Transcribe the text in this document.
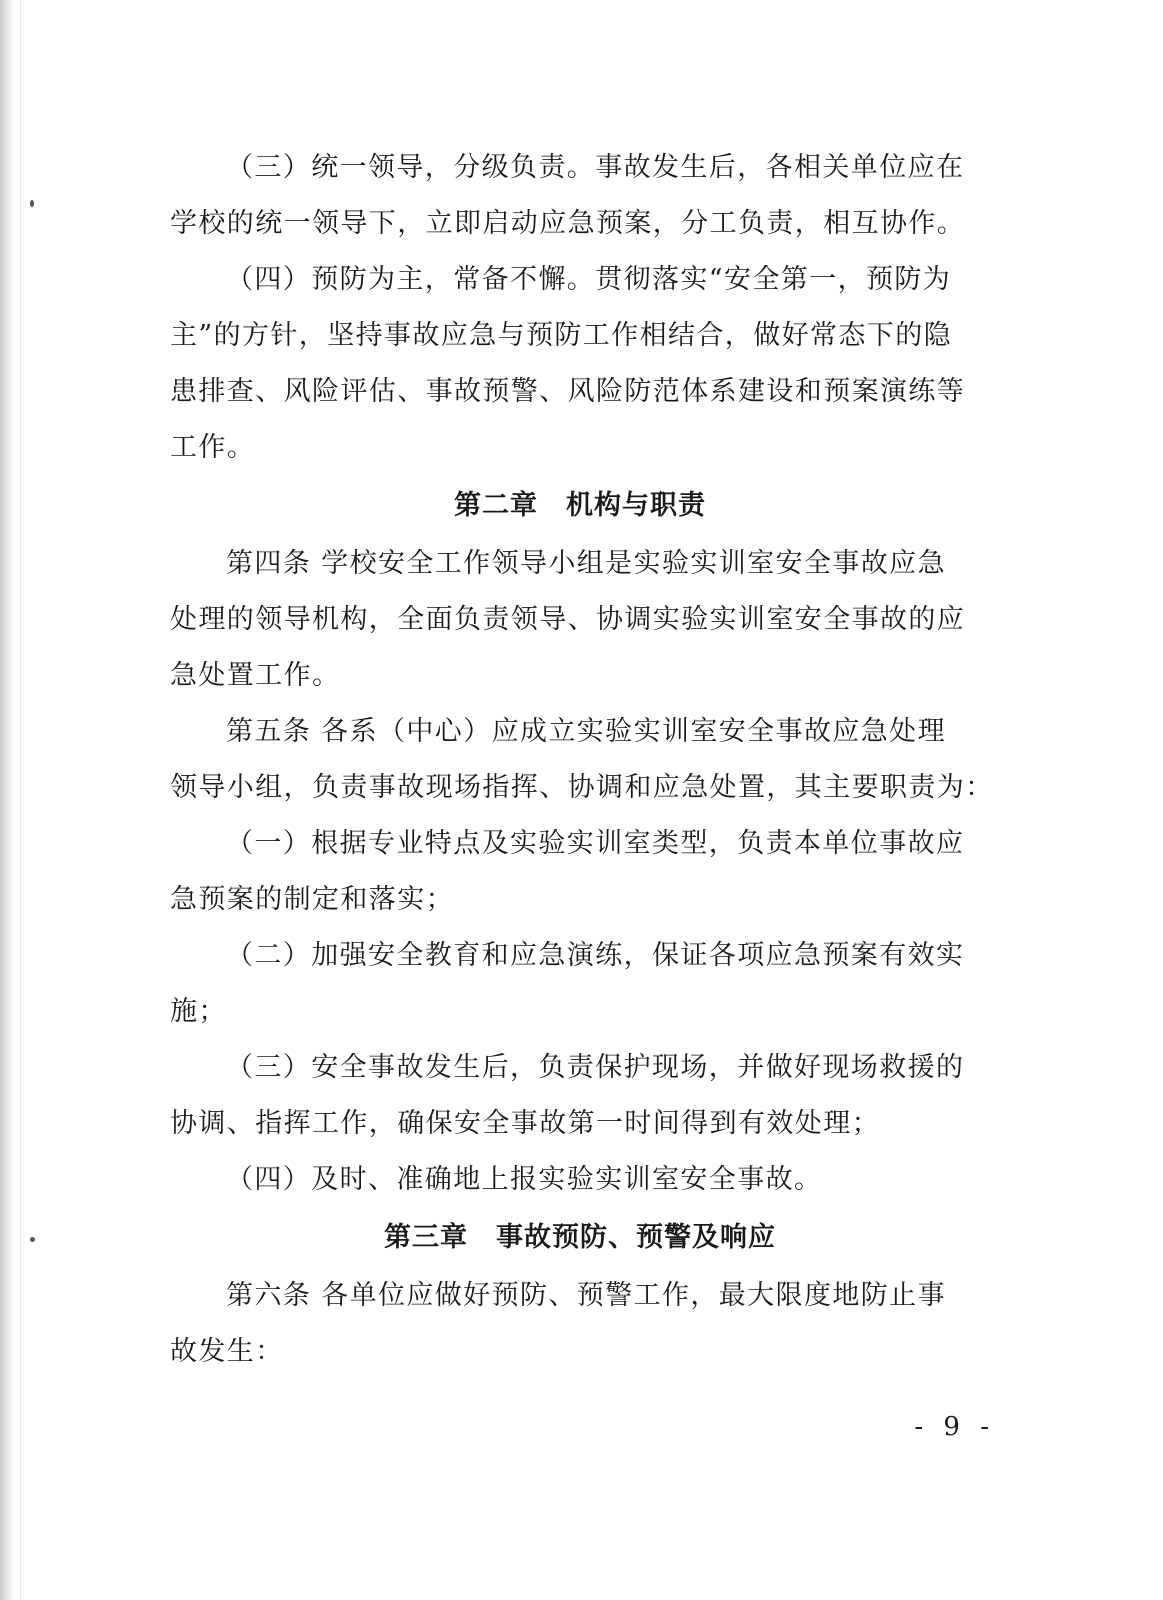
（三）统一领导，分级负责。事故发生后，各相关单位应在
学校的统一领导下，立即启动应急预案，分工负责，相互协作。
（四）预防为主，常备不懈。贯彻落实“安全第一，预防为
主”的方针，坚持事故应急与预防工作相结合，做好常态下的隐
患排查、风险评估、事故预警、风险防范体系建设和预案演练等
工作。
第二章　机构与职责
第四条 学校安全工作领导小组是实验实训室安全事故应急
处理的领导机构，全面负责领导、协调实验实训室安全事故的应
急处置工作。
第五条 各系（中心）应成立实验实训室安全事故应急处理
领导小组，负责事故现场指挥、协调和应急处置，其主要职责为：
（一）根据专业特点及实验实训室类型，负责本单位事故应
急预案的制定和落实；
（二）加强安全教育和应急演练，保证各项应急预案有效实
施；
（三）安全事故发生后，负责保护现场，并做好现场救援的
协调、指挥工作，确保安全事故第一时间得到有效处理；
（四）及时、准确地上报实验实训室安全事故。
第三章　事故预防、预警及响应
第六条 各单位应做好预防、预警工作，最大限度地防止事
故发生：
- 9 -
